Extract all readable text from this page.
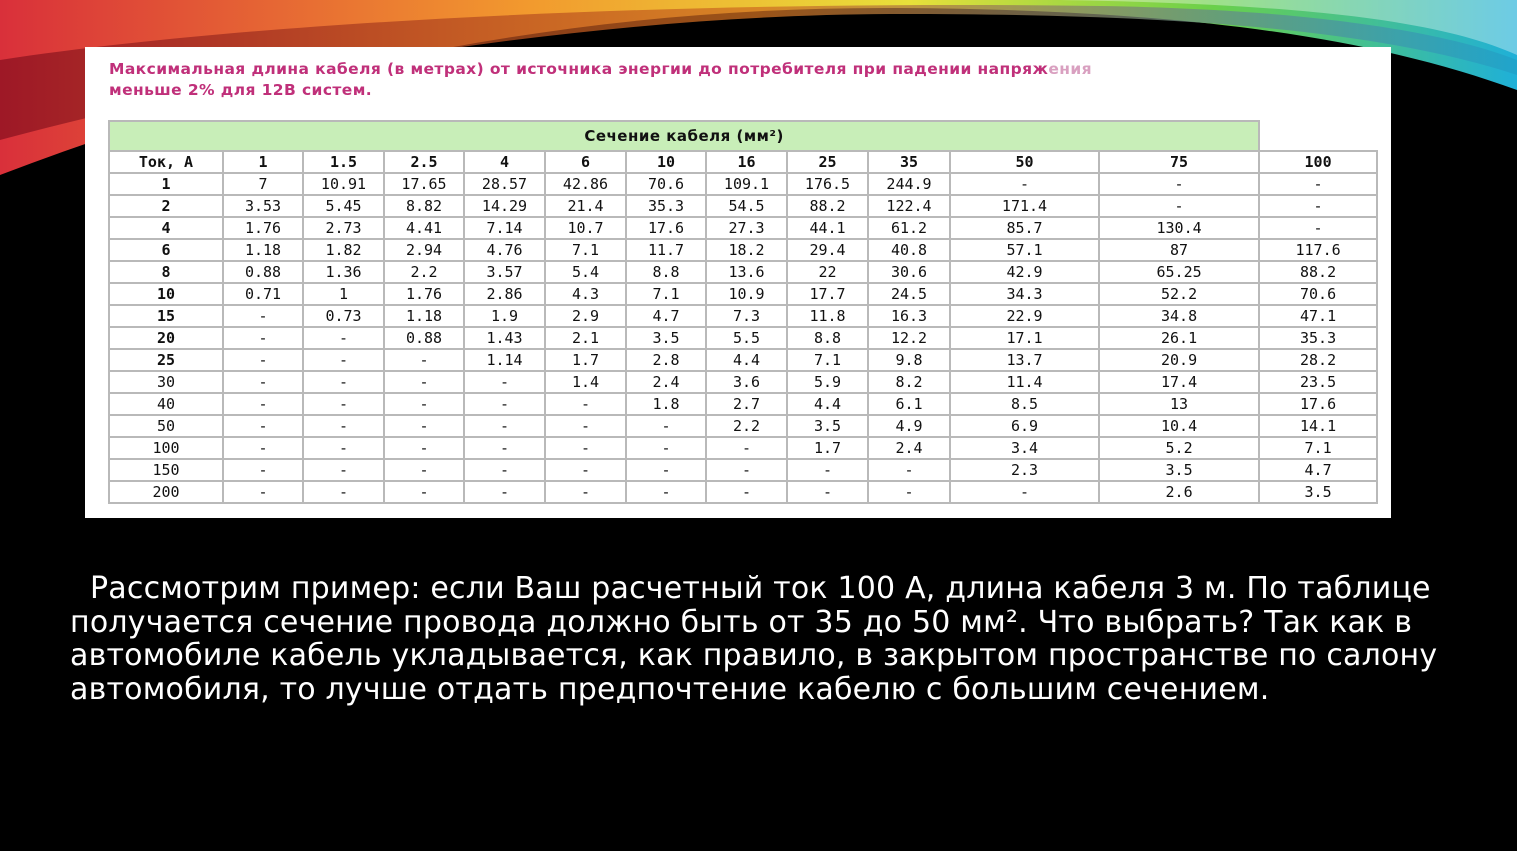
Максимальная длина кабеля (в метрах) от источника энергии до потребителя при падении напряжения
меньше 2% для 12В систем.
Сечение кабеля (мм²)												
Ток, А	1	1.5	2.5	4	6	10	16	25	35	50	75	100
1	7	10.91	17.65	28.57	42.86	70.6	109.1	176.5	244.9	-	-	-
2	3.53	5.45	8.82	14.29	21.4	35.3	54.5	88.2	122.4	171.4	-	-
4	1.76	2.73	4.41	7.14	10.7	17.6	27.3	44.1	61.2	85.7	130.4	-
6	1.18	1.82	2.94	4.76	7.1	11.7	18.2	29.4	40.8	57.1	87	117.6
8	0.88	1.36	2.2	3.57	5.4	8.8	13.6	22	30.6	42.9	65.25	88.2
10	0.71	1	1.76	2.86	4.3	7.1	10.9	17.7	24.5	34.3	52.2	70.6
15	-	0.73	1.18	1.9	2.9	4.7	7.3	11.8	16.3	22.9	34.8	47.1
20	-	-	0.88	1.43	2.1	3.5	5.5	8.8	12.2	17.1	26.1	35.3
25	-	-	-	1.14	1.7	2.8	4.4	7.1	9.8	13.7	20.9	28.2
30	-	-	-	-	1.4	2.4	3.6	5.9	8.2	11.4	17.4	23.5
40	-	-	-	-	-	1.8	2.7	4.4	6.1	8.5	13	17.6
50	-	-	-	-	-	-	2.2	3.5	4.9	6.9	10.4	14.1
100	-	-	-	-	-	-	-	1.7	2.4	3.4	5.2	7.1
150	-	-	-	-	-	-	-	-	-	2.3	3.5	4.7
200	-	-	-	-	-	-	-	-	-	-	2.6	3.5
Рассмотрим пример: если Ваш расчетный ток 100 А, длина кабеля 3 м. По таблице получается сечение провода должно быть от 35 до 50 мм². Что выбрать? Так как в автомобиле кабель укладывается, как правило, в закрытом пространстве по салону автомобиля, то лучше отдать предпочтение кабелю с большим сечением.
